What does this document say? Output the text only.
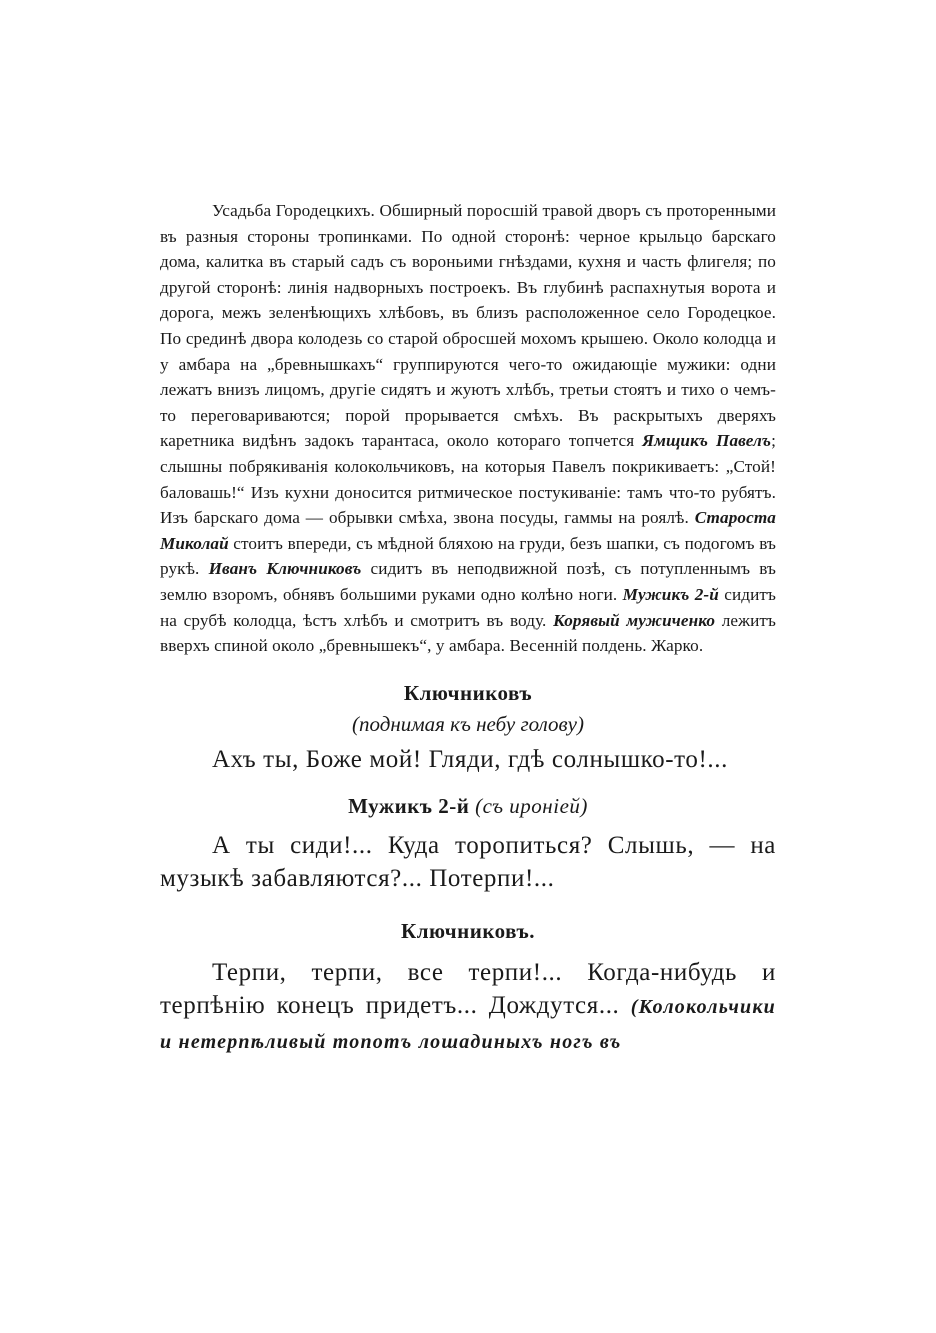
Усадьба Городецкихъ. Обширный поросшій травой дворъ съ проторенными въ разныя стороны тропинками. По одной сторонѣ: черное крыльцо барскаго дома, калитка въ старый садъ съ вороньими гнѣздами, кухня и часть флигеля; по другой сторонѣ: линія надворныхъ построекъ. Въ глубинѣ распахнутыя ворота и дорога, межъ зеленѣющихъ хлѣбовъ, въ близъ расположенное село Городецкое. По срединѣ двора колодезь со старой обросшей мохомъ крышею. Около колодца и у амбара на „бревнышкахъ“ группируются чего-то ожидающіе мужики: одни лежатъ внизъ лицомъ, другіе сидятъ и жуютъ хлѣбъ, третьи стоятъ и тихо о чемъ-то переговариваются; порой прорывается смѣхъ. Въ раскрытыхъ дверяхъ каретника видѣнъ задокъ тарантаса, около котораго топчется Ямщикъ Павелъ; слышны побрякиванія колокольчиковъ, на которыя Павелъ покрикиваетъ: „Стой! баловашь!“ Изъ кухни доносится ритмическое постукиваніе: тамъ что-то рубятъ. Изъ барскаго дома — обрывки смѣха, звона посуды, гаммы на роялѣ. Староста Миколай стоитъ впереди, съ мѣдной бляхою на груди, безъ шапки, съ подогомъ въ рукѣ. Иванъ Ключниковъ сидитъ въ неподвижной позѣ, съ потупленнымъ въ землю взоромъ, обнявъ большими руками одно колѣно ноги. Мужикъ 2-й сидитъ на срубѣ колодца, ѣстъ хлѣбъ и смотритъ въ воду. Корявый мужиченко лежитъ вверхъ спиной около „бревнышекъ“, у амбара. Весенній полдень. Жарко.

Ключниковъ

(поднимая къ небу голову)

Ахъ ты, Боже мой! Гляди, гдѣ солнышко-то!...

Мужикъ 2-й (съ ироніей)

А ты сиди!... Куда торопиться? Слышь, — на музыкѣ забавляются?... Потерпи!...

Ключниковъ.

Терпи, терпи, все терпи!... Когда-нибудь и терпѣнію конецъ придетъ... Дождутся... (Колокольчики и нетерпѣливый топотъ лошадиныхъ ногъ въ
